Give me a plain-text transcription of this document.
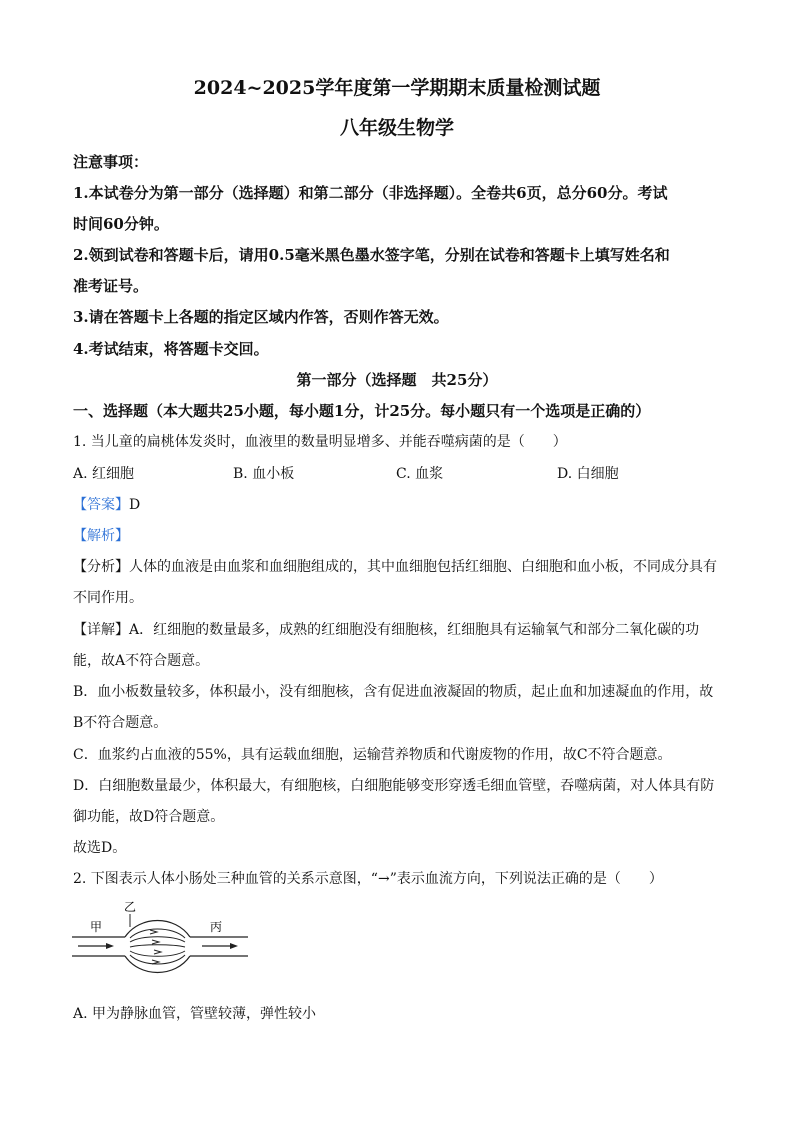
2024~2025学年度第一学期期末质量检测试题
八年级生物学
注意事项：
1.本试卷分为第一部分（选择题）和第二部分（非选择题）。全卷共6页，总分60分。考试
时间60分钟。
2.领到试卷和答题卡后，请用0.5毫米黑色墨水签字笔，分别在试卷和答题卡上填写姓名和
准考证号。
3.请在答题卡上各题的指定区域内作答，否则作答无效。
4.考试结束，将答题卡交回。
第一部分（选择题　共25分）
一、选择题（本大题共25小题，每小题1分，计25分。每小题只有一个选项是正确的）
1. 当儿童的扁桃体发炎时，血液里的数量明显增多、并能吞噬病菌的是（　　）
A. 红细胞	B. 血小板	C. 血浆	D. 白细胞
【答案】D
【解析】
【分析】人体的血液是由血浆和血细胞组成的，其中血细胞包括红细胞、白细胞和血小板，不同成分具有
不同作用。
【详解】A．红细胞的数量最多，成熟的红细胞没有细胞核，红细胞具有运输氧气和部分二氧化碳的功
能，故A不符合题意。
B．血小板数量较多，体积最小，没有细胞核，含有促进血液凝固的物质，起止血和加速凝血的作用，故
B不符合题意。
C．血浆约占血液的55%，具有运载血细胞，运输营养物质和代谢废物的作用，故C不符合题意。
D．白细胞数量最少，体积最大，有细胞核，白细胞能够变形穿透毛细血管壁，吞噬病菌，对人体具有防
御功能，故D符合题意。
故选D。
2. 下图表示人体小肠处三种血管的关系示意图，“→”表示血流方向，下列说法正确的是（　　）
甲
乙
丙
A. 甲为静脉血管，管壁较薄，弹性较小
